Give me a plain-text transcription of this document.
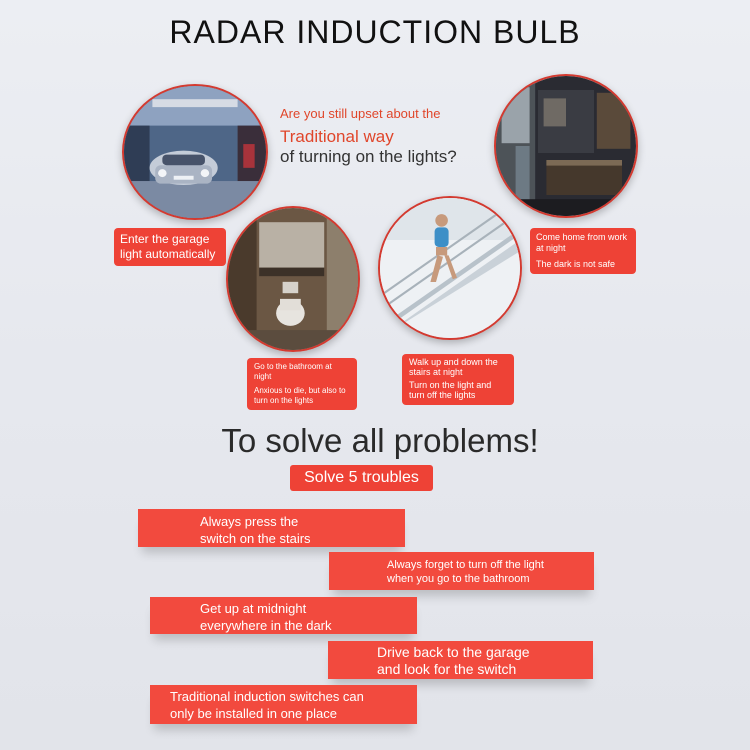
RADAR INDUCTION BULB
Are you still upset about the
Traditional way
of turning on the lights?
Enter the garage light automatically
Come home from work at night
The dark is not safe
Go to the bathroom at night
Anxious to die, but also to turn on the lights
Walk up and down the stairs at night
Turn on the light and turn off the lights
To solve all problems!
Solve 5 troubles
Always press the
switch on the stairs
Always forget to turn off the light
when you go to the bathroom
Get up at midnight
everywhere in the dark
Drive back to the garage
and look for the switch
Traditional induction switches can
only be installed in one place
